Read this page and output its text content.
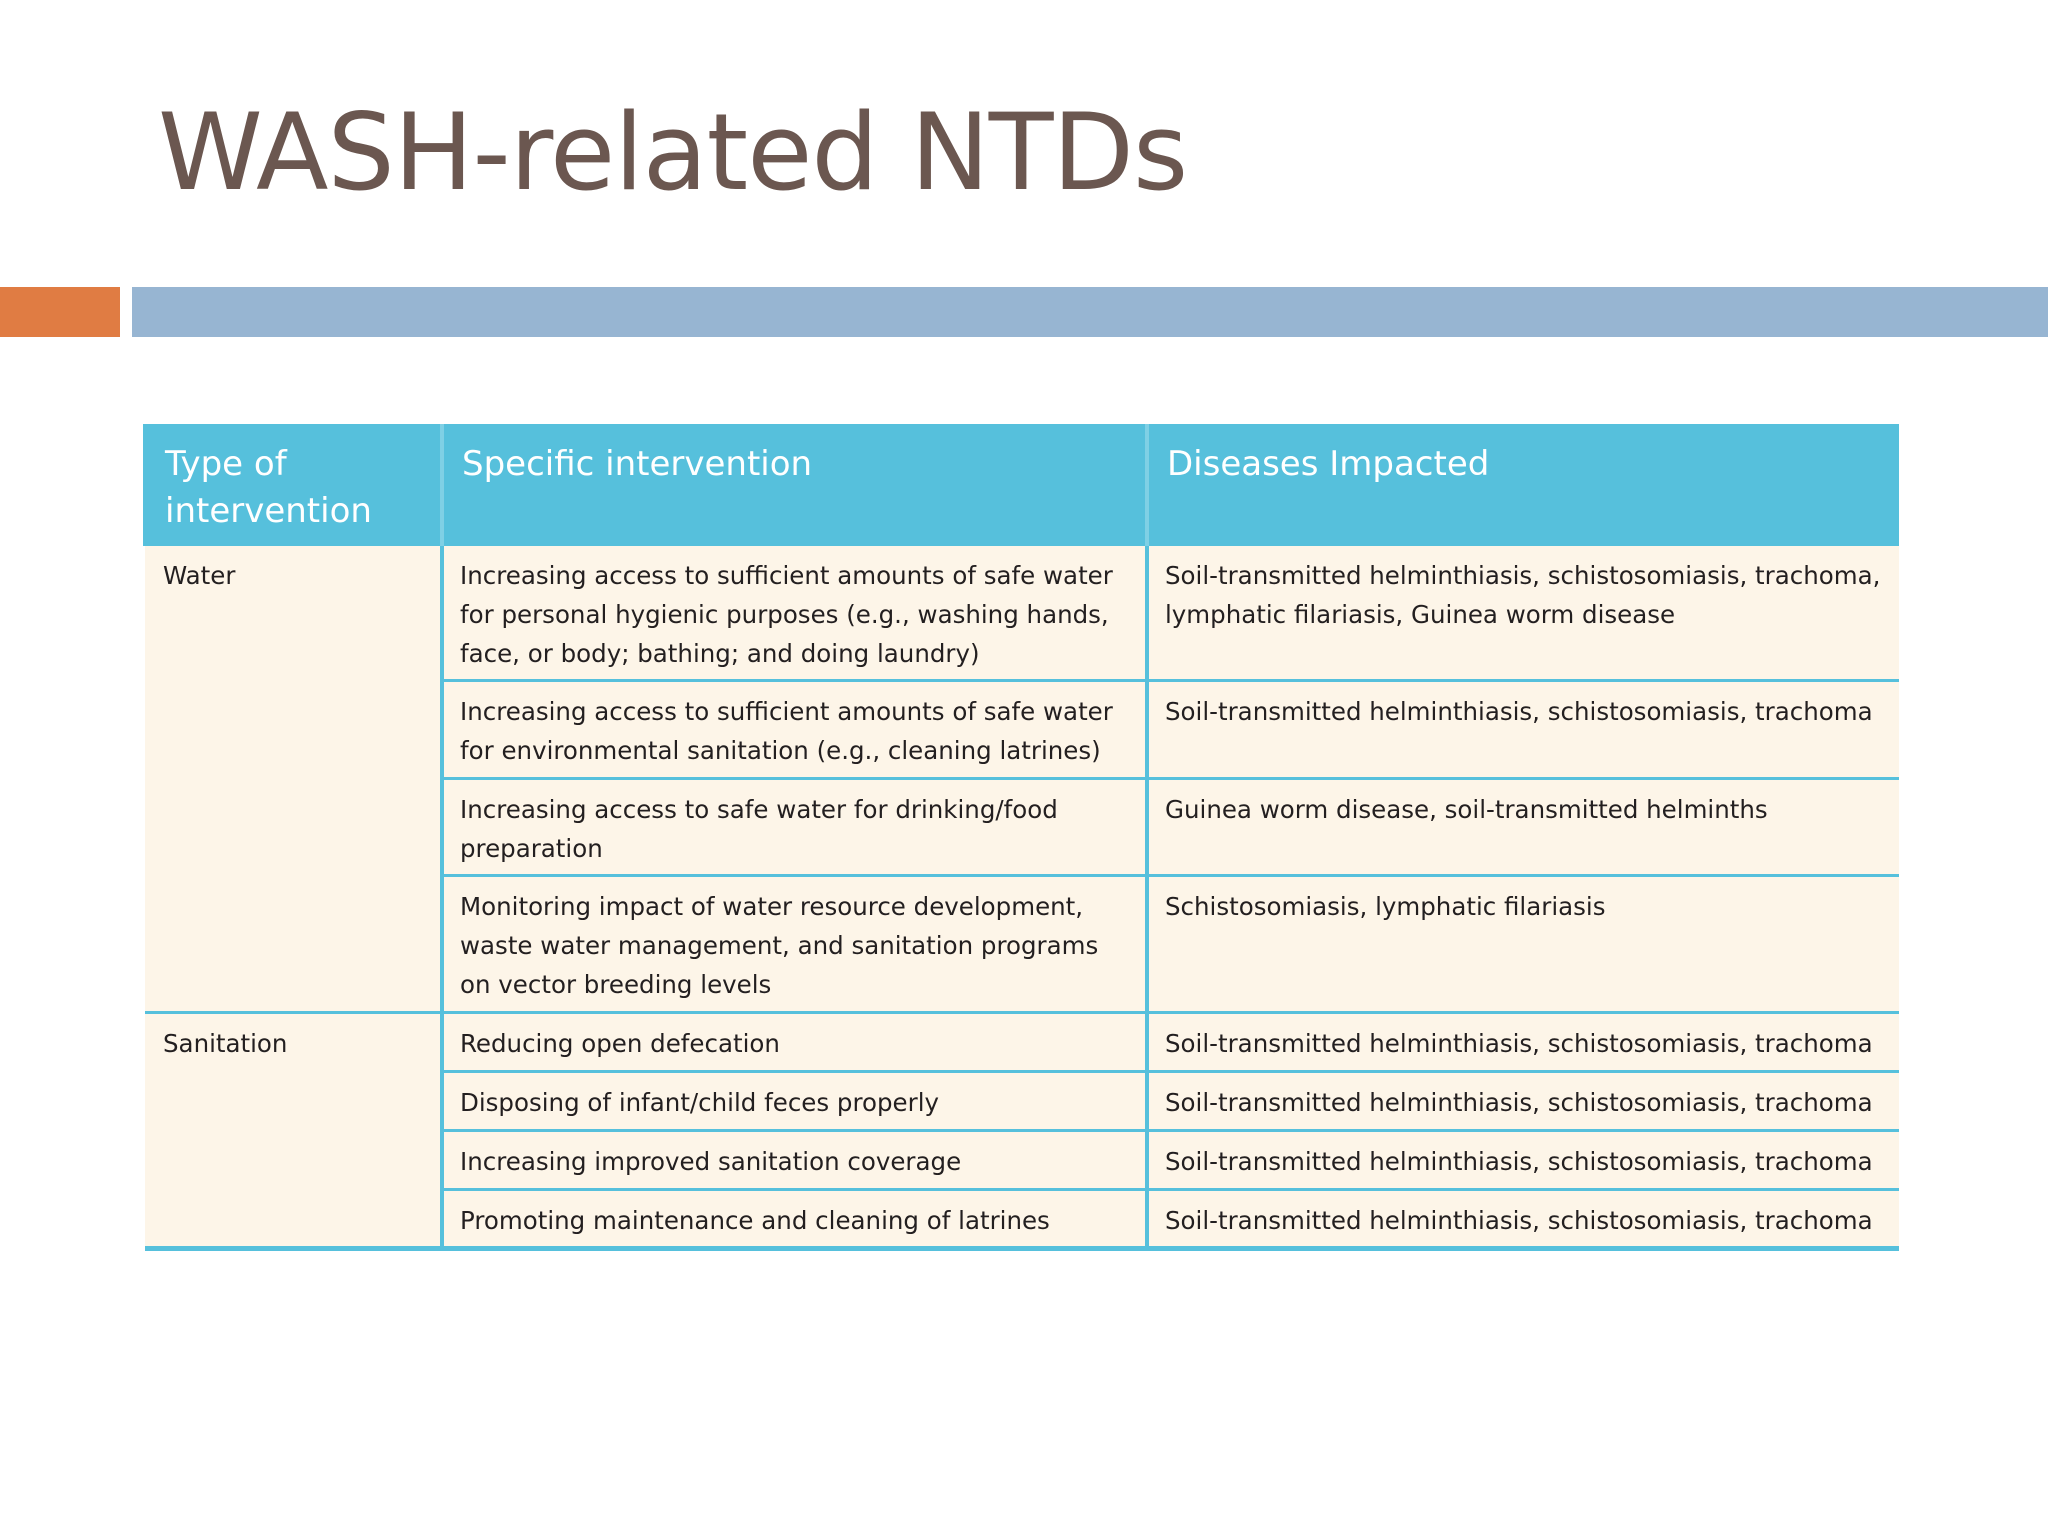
WASH-related NTDs
Type of intervention	Specific intervention	Diseases Impacted
Water	Increasing access to sufficient amounts of safe water for personal hygienic purposes (e.g., washing hands, face, or body; bathing; and doing laundry)	Soil-transmitted helminthiasis, schistosomiasis, trachoma, lymphatic filariasis, Guinea worm disease
	Increasing access to sufficient amounts of safe water for environmental sanitation (e.g., cleaning latrines)	Soil-transmitted helminthiasis, schistosomiasis, trachoma
	Increasing access to safe water for drinking/food preparation	Guinea worm disease, soil-transmitted helminths
	Monitoring impact of water resource development, waste water management, and sanitation programs on vector breeding levels	Schistosomiasis, lymphatic filariasis
Sanitation	Reducing open defecation	Soil-transmitted helminthiasis, schistosomiasis, trachoma
	Disposing of infant/child feces properly	Soil-transmitted helminthiasis, schistosomiasis, trachoma
	Increasing improved sanitation coverage	Soil-transmitted helminthiasis, schistosomiasis, trachoma
	Promoting maintenance and cleaning of latrines	Soil-transmitted helminthiasis, schistosomiasis, trachoma
